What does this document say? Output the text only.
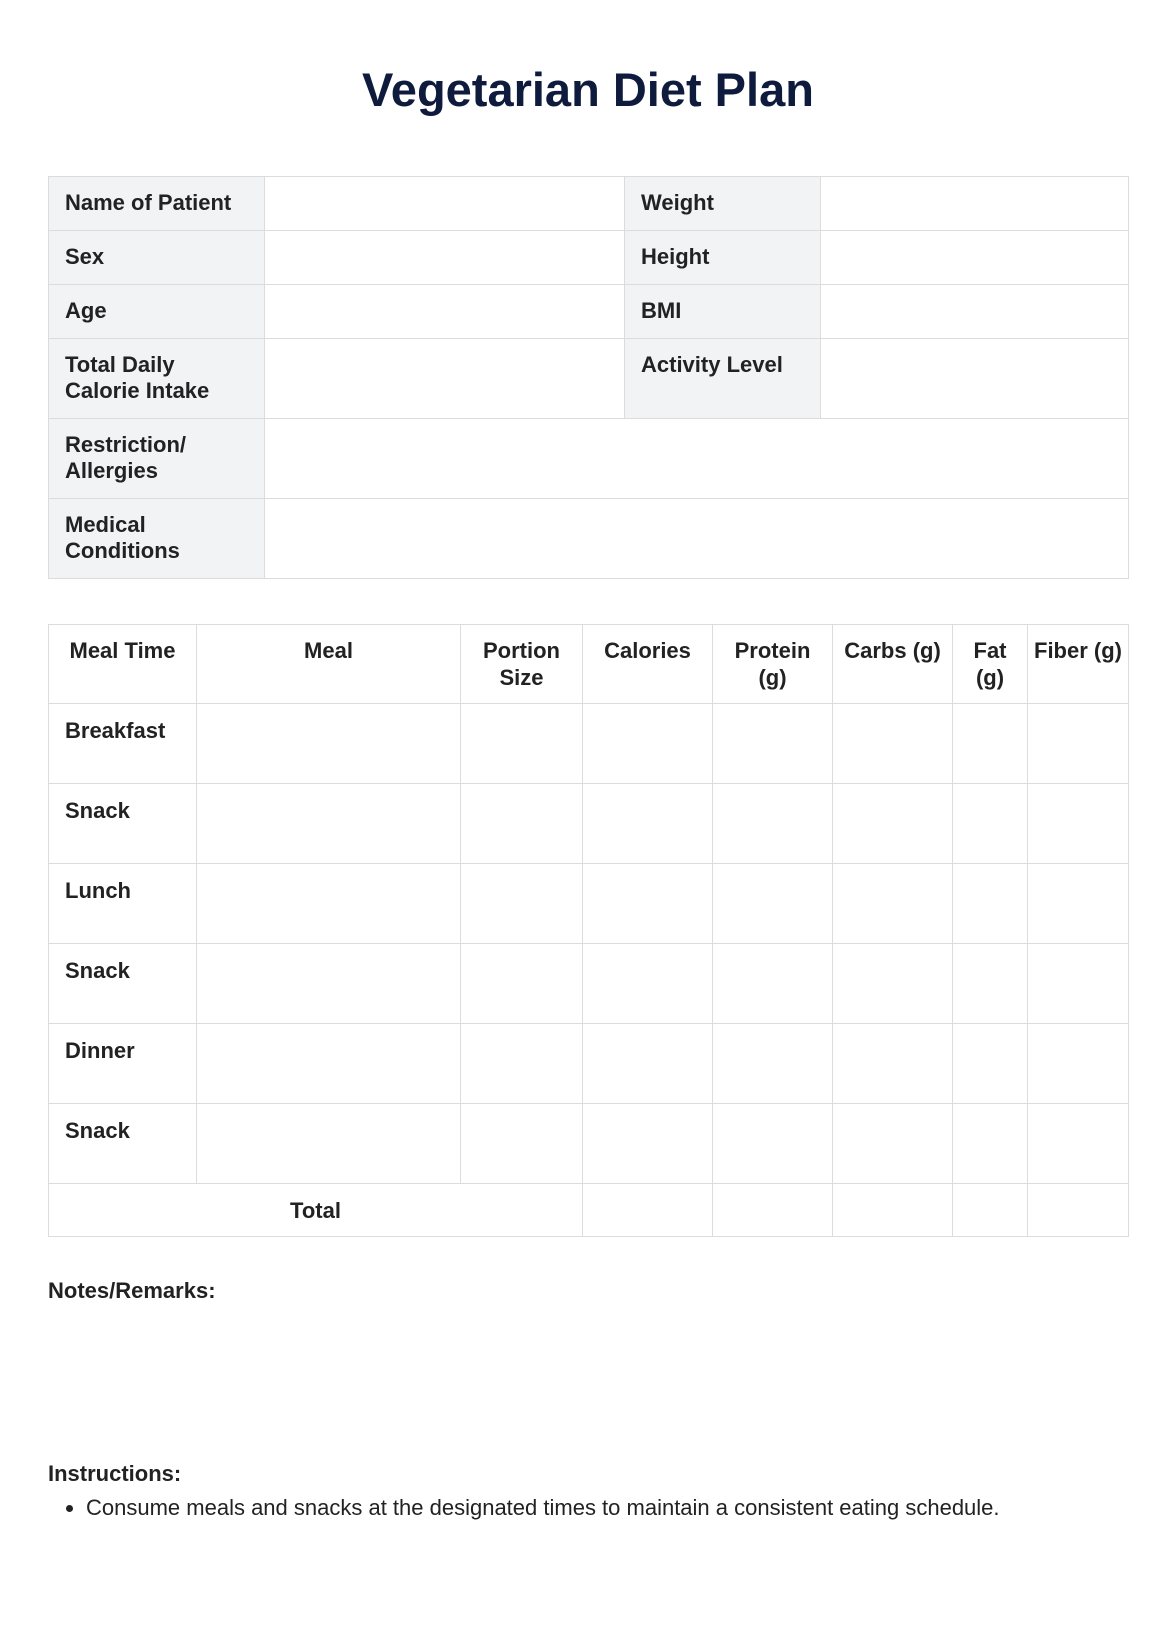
Vegetarian Diet Plan
Name of Patient		Weight	
Sex		Height	
Age		BMI	
Total Daily Calorie Intake		Activity Level	
Restriction/ Allergies			
Medical Conditions			
Meal Time	Meal	Portion Size	Calories	Protein (g)	Carbs (g)	Fat (g)	Fiber (g)
Breakfast							
Snack							
Lunch							
Snack							
Dinner							
Snack							
Total							
Notes/Remarks:
Instructions:
• Consume meals and snacks at the designated times to maintain a consistent eating schedule.
